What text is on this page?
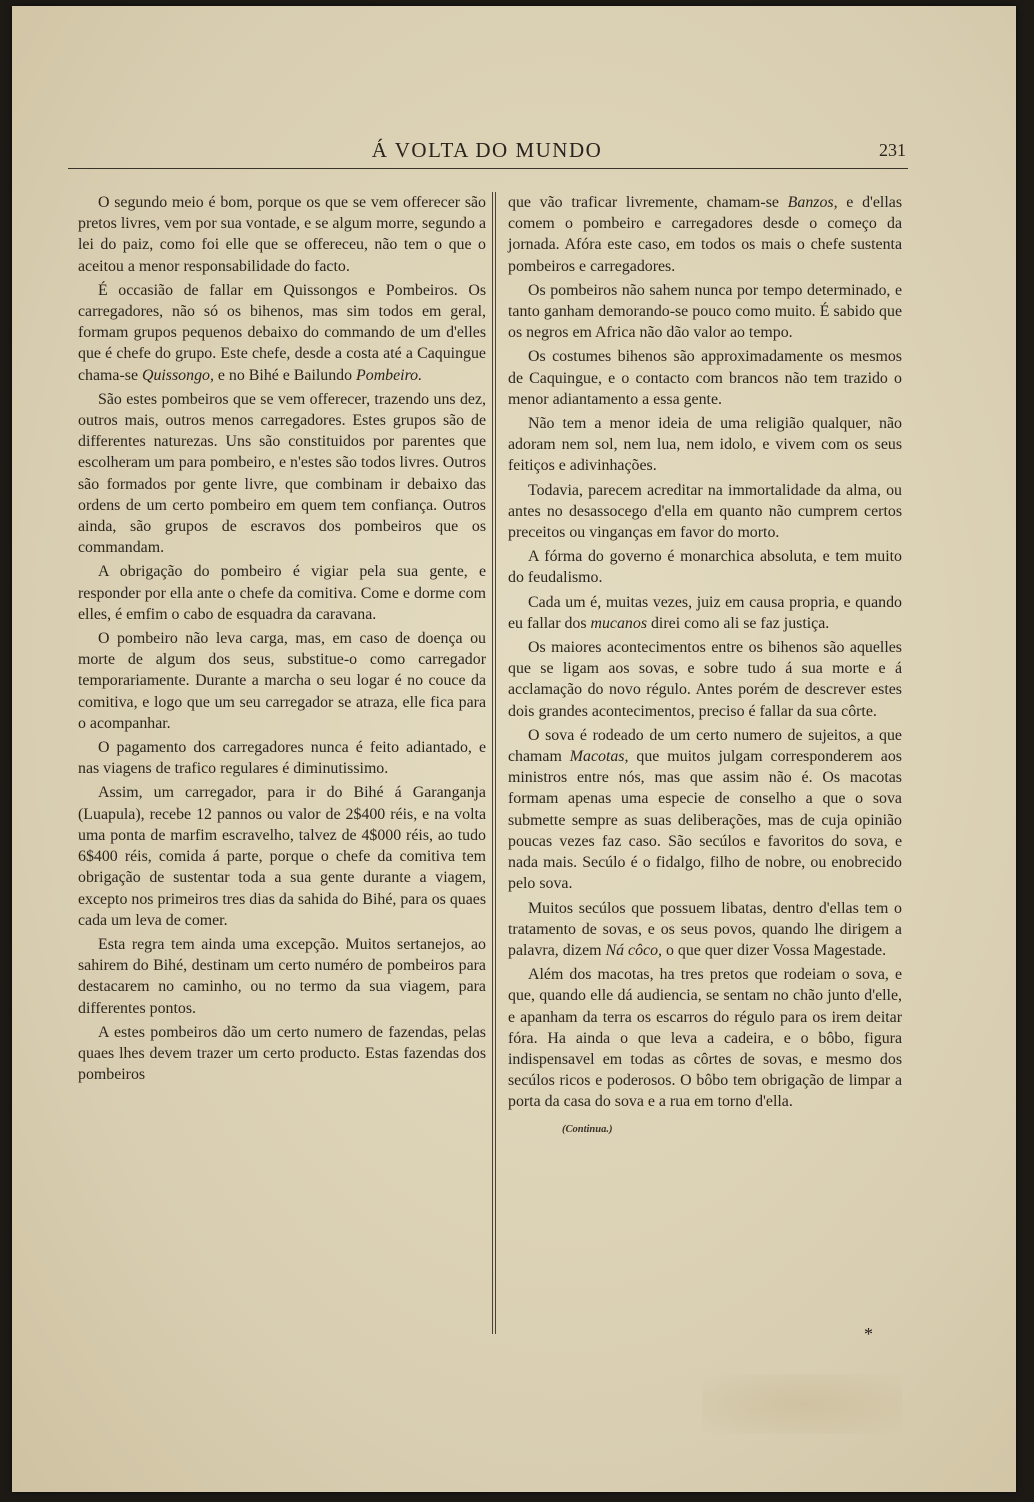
Á VOLTA DO MUNDO	231

O segundo meio é bom, porque os que se vem offerecer são pretos livres, vem por sua vontade, e se algum morre, segundo a lei do paiz, como foi elle que se offereceu, não tem o que o aceitou a menor responsabilidade do facto.

É occasião de fallar em Quissongos e Pombeiros. Os carregadores, não só os bihenos, mas sim todos em geral, formam grupos pequenos debaixo do commando de um d'elles que é chefe do grupo. Este chefe, desde a costa até a Caquingue chama-se Quissongo, e no Bihé e Bailundo Pombeiro.

São estes pombeiros que se vem offerecer, trazendo uns dez, outros mais, outros menos carregadores. Estes grupos são de differentes naturezas. Uns são constituidos por parentes que escolheram um para pombeiro, e n'estes são todos livres. Outros são formados por gente livre, que combinam ir debaixo das ordens de um certo pombeiro em quem tem confiança. Outros ainda, são grupos de escravos dos pombeiros que os commandam.

A obrigação do pombeiro é vigiar pela sua gente, e responder por ella ante o chefe da comitiva. Come e dorme com elles, é emfim o cabo de esquadra da caravana.

O pombeiro não leva carga, mas, em caso de doença ou morte de algum dos seus, substitue-o como carregador temporariamente. Durante a marcha o seu logar é no couce da comitiva, e logo que um seu carregador se atraza, elle fica para o acompanhar.

O pagamento dos carregadores nunca é feito adiantado, e nas viagens de trafico regulares é diminutissimo.

Assim, um carregador, para ir do Bihé á Garanganja (Luapula), recebe 12 pannos ou valor de 2$400 réis, e na volta uma ponta de marfim escravelho, talvez de 4$000 réis, ao tudo 6$400 réis, comida á parte, porque o chefe da comitiva tem obrigação de sustentar toda a sua gente durante a viagem, excepto nos primeiros tres dias da sahida do Bihé, para os quaes cada um leva de comer.

Esta regra tem ainda uma excepção. Muitos sertanejos, ao sahirem do Bihé, destinam um certo numéro de pombeiros para destacarem no caminho, ou no termo da sua viagem, para differentes pontos.

A estes pombeiros dão um certo numero de fazendas, pelas quaes lhes devem trazer um certo producto. Estas fazendas dos pombeiros

que vão traficar livremente, chamam-se Banzos, e d'ellas comem o pombeiro e carregadores desde o começo da jornada. Afóra este caso, em todos os mais o chefe sustenta pombeiros e carregadores.

Os pombeiros não sahem nunca por tempo determinado, e tanto ganham demorando-se pouco como muito. É sabido que os negros em Africa não dão valor ao tempo.

Os costumes bihenos são approximadamente os mesmos de Caquingue, e o contacto com brancos não tem trazido o menor adiantamento a essa gente.

Não tem a menor ideia de uma religião qualquer, não adoram nem sol, nem lua, nem idolo, e vivem com os seus feitiços e adivinhações.

Todavia, parecem acreditar na immortalidade da alma, ou antes no desassocego d'ella em quanto não cumprem certos preceitos ou vinganças em favor do morto.

A fórma do governo é monarchica absoluta, e tem muito do feudalismo.

Cada um é, muitas vezes, juiz em causa propria, e quando eu fallar dos mucanos direi como ali se faz justiça.

Os maiores acontecimentos entre os bihenos são aquelles que se ligam aos sovas, e sobre tudo á sua morte e á acclamação do novo régulo. Antes porém de descrever estes dois grandes acontecimentos, preciso é fallar da sua côrte.

O sova é rodeado de um certo numero de sujeitos, a que chamam Macotas, que muitos julgam corresponderem aos ministros entre nós, mas que assim não é. Os macotas formam apenas uma especie de conselho a que o sova submette sempre as suas deliberações, mas de cuja opinião poucas vezes faz caso. São secúlos e favoritos do sova, e nada mais. Secúlo é o fidalgo, filho de nobre, ou enobrecido pelo sova.

Muitos secúlos que possuem libatas, dentro d'ellas tem o tratamento de sovas, e os seus povos, quando lhe dirigem a palavra, dizem Ná côco, o que quer dizer Vossa Magestade.

Além dos macotas, ha tres pretos que rodeiam o sova, e que, quando elle dá audiencia, se sentam no chão junto d'elle, e apanham da terra os escarros do régulo para os irem deitar fóra. Ha ainda o que leva a cadeira, e o bôbo, figura indispensavel em todas as côrtes de sovas, e mesmo dos secúlos ricos e poderosos. O bôbo tem obrigação de limpar a porta da casa do sova e a rua em torno d'ella.

(Continua.)
*
